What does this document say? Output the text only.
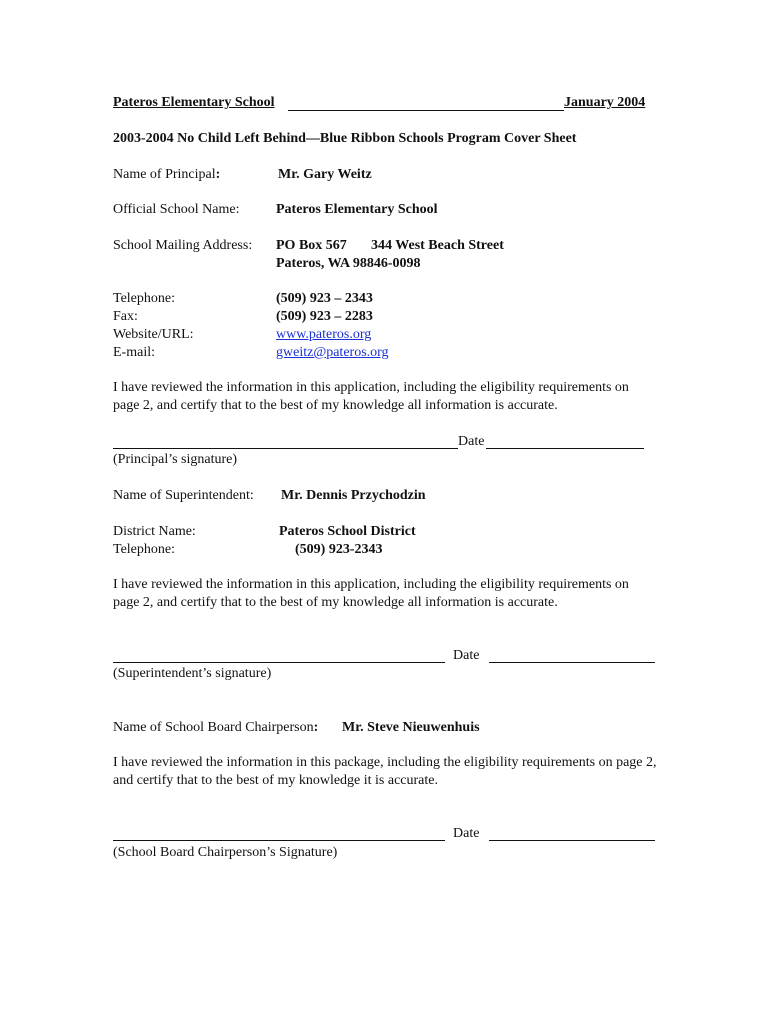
Pateros Elementary School	January 2004
2003-2004 No Child Left Behind—Blue Ribbon Schools Program Cover Sheet
Name of Principal:	Mr. Gary Weitz
Official School Name:	Pateros Elementary School
School Mailing Address: PO Box 567 344 West Beach Street
Pateros, WA 98846-0098
Telephone:	(509) 923 – 2343
Fax:	(509) 923 – 2283
Website/URL:	www.pateros.org
E-mail:	gweitz@pateros.org
I have reviewed the information in this application, including the eligibility requirements on page 2, and certify that to the best of my knowledge all information is accurate.
Date
(Principal’s signature)
Name of Superintendent: Mr. Dennis Przychodzin
District Name:	Pateros School District
Telephone:	(509) 923-2343
I have reviewed the information in this application, including the eligibility requirements on page 2, and certify that to the best of my knowledge all information is accurate.
Date
(Superintendent’s signature)
Name of School Board Chairperson: Mr. Steve Nieuwenhuis
I have reviewed the information in this package, including the eligibility requirements on page 2, and certify that to the best of my knowledge it is accurate.
Date
(School Board Chairperson’s Signature)
